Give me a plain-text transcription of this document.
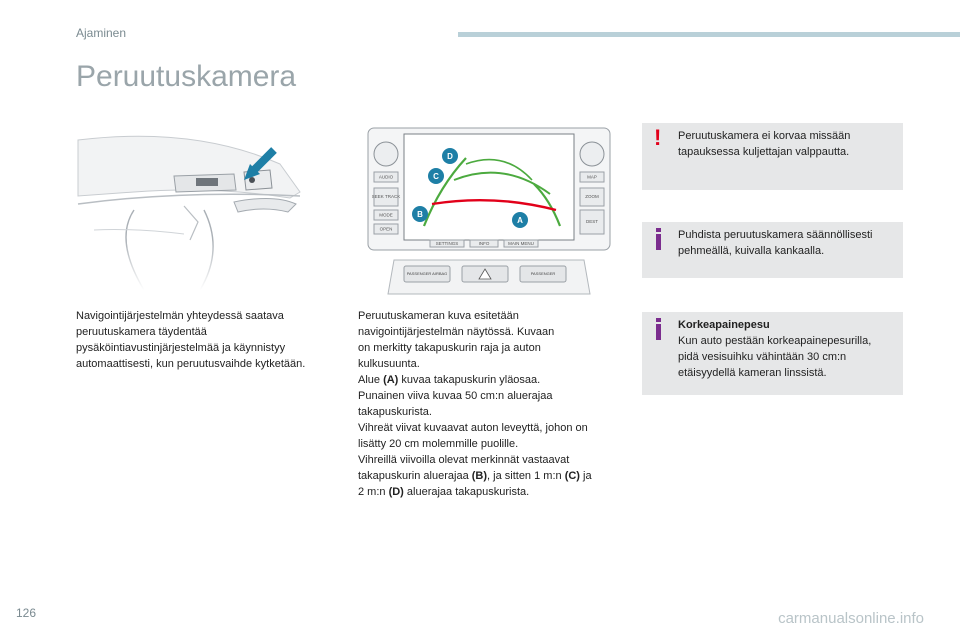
Ajaminen
Peruutuskamera
AUDIO
SEEK TRACK
MODE
OPEN
MAP
ZOOM
DEST
SETTINGS	INFO	MAIN MENU
D
C
B
A
PASSENGER AIRBAG	PASSENGER

Navigointijärjestelmän yhteydessä saatava peruutuskamera täydentää pysäköintiavustinjärjestelmää ja käynnistyy automaattisesti, kun peruutusvaihde kytketään.

Peruutuskameran kuva esitetään
navigointijärjestelmän näytössä. Kuvaan
on merkitty takapuskurin raja ja auton
kulkusuunta.
Alue (A) kuvaa takapuskurin yläosaa.
Punainen viiva kuvaa 50 cm:n aluerajaa
takapuskurista.
Vihreät viivat kuvaavat auton leveyttä, johon on
lisätty 20 cm molemmille puolille.
Vihreillä viivoilla olevat merkinnät vastaavat
takapuskurin aluerajaa (B), ja sitten 1 m:n (C) ja
2 m:n (D) aluerajaa takapuskurista.
! Peruutuskamera ei korvaa missään
tapauksessa kuljettajan valppautta.
Puhdista peruutuskamera säännöllisesti
pehmeällä, kuivalla kankaalla.
Korkeapainepesu
Kun auto pestään korkeapainepesurilla,
pidä vesisuihku vähintään 30 cm:n
etäisyydellä kameran linssistä.
126	carmanualsonline.info
